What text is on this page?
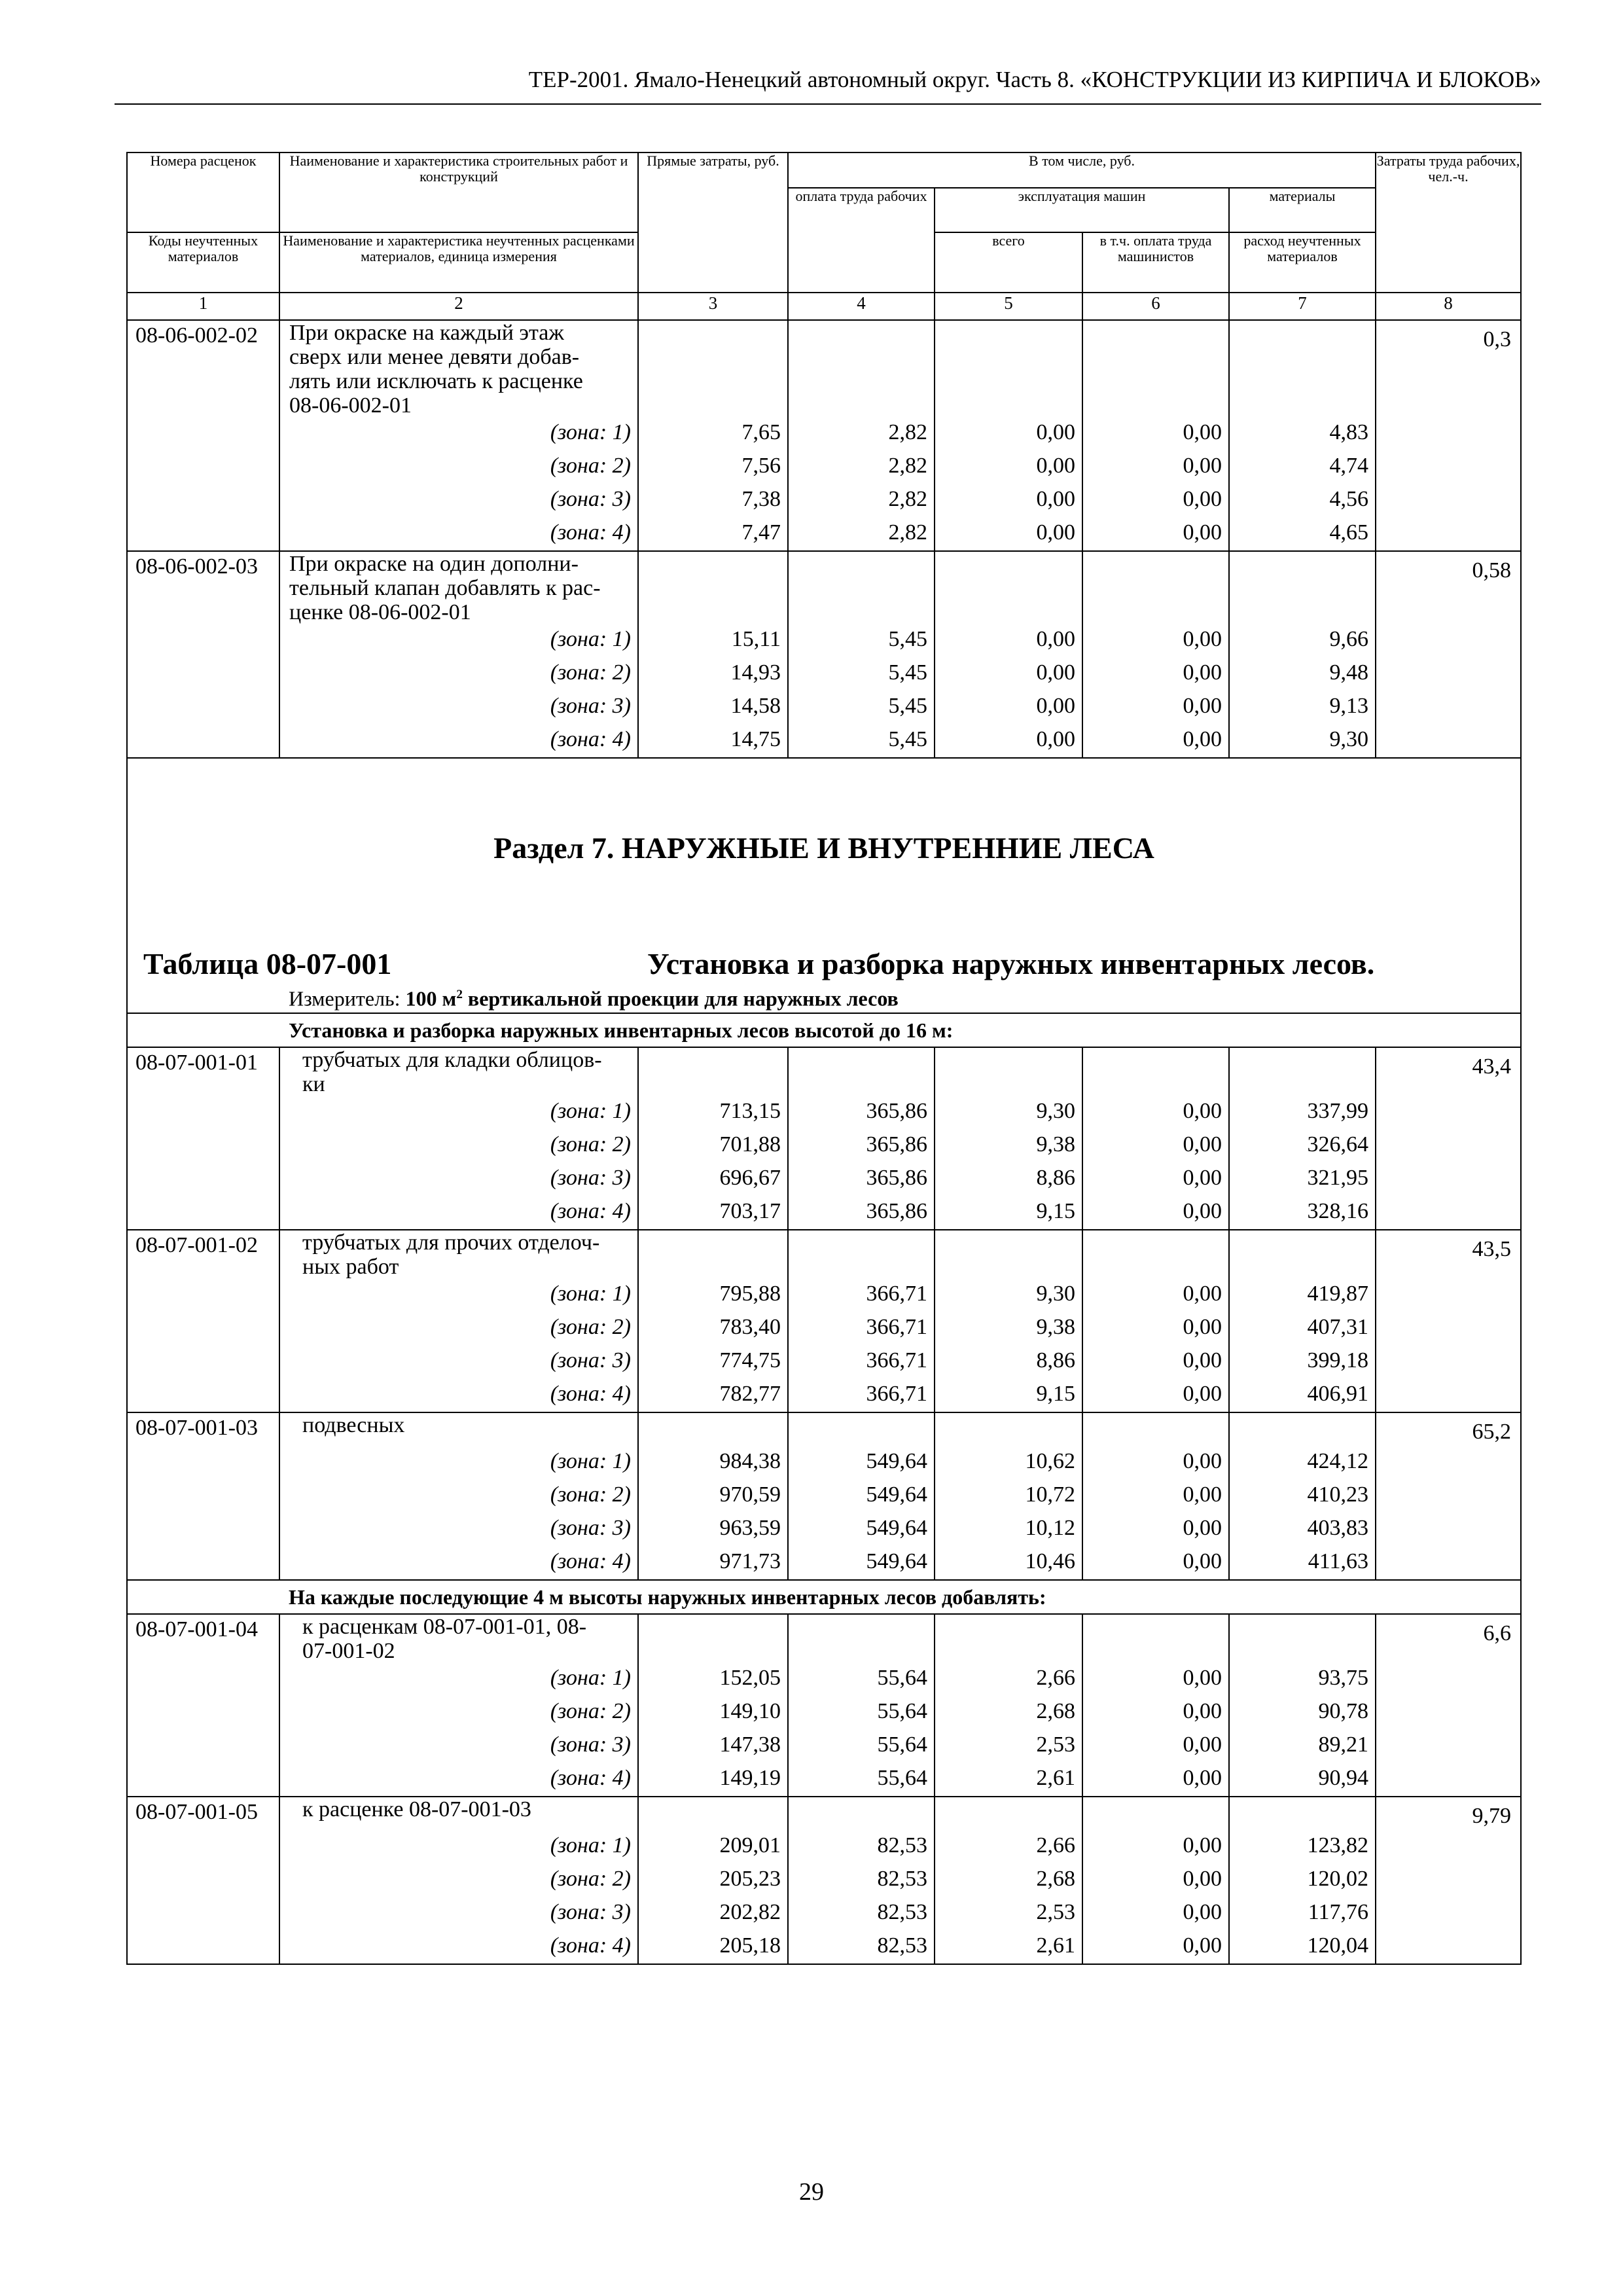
ТЕР-2001. Ямало-Ненецкий автономный округ. Часть 8. «КОНСТРУКЦИИ ИЗ КИРПИЧА И БЛОКОВ»
Номера расценок	Наименование и характеристика строительных работ и конструкций	Прямые затраты, руб.	В том числе, руб.				Затраты труда рабочих, чел.-ч.
			оплата труда рабочих	эксплуатация машин		материалы	
Коды неучтенных материалов	Наименование и характеристика неучтенных расценками материалов, единица измерения			всего	в т.ч. оплата труда машинистов	расход неучтенных материалов	
1	2	3	4	5	6	7	8
08-06-002-02	При окраске на каждый этаж
сверх или менее девяти добав-
лять или исключать к расценке
08-06-002-01						0,3
	(зона: 1)	7,65	2,82	0,00	0,00	4,83	
	(зона: 2)	7,56	2,82	0,00	0,00	4,74	
	(зона: 3)	7,38	2,82	0,00	0,00	4,56	
	(зона: 4)	7,47	2,82	0,00	0,00	4,65	
08-06-002-03	При окраске на один дополни-
тельный клапан добавлять к рас-
ценке 08-06-002-01						0,58
	(зона: 1)	15,11	5,45	0,00	0,00	9,66	
	(зона: 2)	14,93	5,45	0,00	0,00	9,48	
	(зона: 3)	14,58	5,45	0,00	0,00	9,13	
	(зона: 4)	14,75	5,45	0,00	0,00	9,30	

Раздел 7. НАРУЖНЫЕ И ВНУТРЕННИЕ ЛЕСА							

Таблица 08-07-001		Установка и разборка наружных инвентарных лесов.					
	Измеритель: 100 $м^2$ вертикальной проекции для наружных лесов						
	Установка и разборка наружных инвентарных лесов высотой до 16 м:						
08-07-001-01	трубчатых для кладки облицов-
ки						43,4
	(зона: 1)	713,15	365,86	9,30	0,00	337,99	
	(зона: 2)	701,88	365,86	9,38	0,00	326,64	
	(зона: 3)	696,67	365,86	8,86	0,00	321,95	
	(зона: 4)	703,17	365,86	9,15	0,00	328,16	
08-07-001-02	трубчатых для прочих отделоч-
ных работ						43,5
	(зона: 1)	795,88	366,71	9,30	0,00	419,87	
	(зона: 2)	783,40	366,71	9,38	0,00	407,31	
	(зона: 3)	774,75	366,71	8,86	0,00	399,18	
	(зона: 4)	782,77	366,71	9,15	0,00	406,91	
08-07-001-03	подвесных						65,2
	(зона: 1)	984,38	549,64	10,62	0,00	424,12	
	(зона: 2)	970,59	549,64	10,72	0,00	410,23	
	(зона: 3)	963,59	549,64	10,12	0,00	403,83	
	(зона: 4)	971,73	549,64	10,46	0,00	411,63	
	На каждые последующие 4 м высоты наружных инвентарных лесов добавлять:						
08-07-001-04	к расценкам 08-07-001-01, 08-
07-001-02						6,6
	(зона: 1)	152,05	55,64	2,66	0,00	93,75	
	(зона: 2)	149,10	55,64	2,68	0,00	90,78	
	(зона: 3)	147,38	55,64	2,53	0,00	89,21	
	(зона: 4)	149,19	55,64	2,61	0,00	90,94	
08-07-001-05	к расценке 08-07-001-03						9,79
	(зона: 1)	209,01	82,53	2,66	0,00	123,82	
	(зона: 2)	205,23	82,53	2,68	0,00	120,02	
	(зона: 3)	202,82	82,53	2,53	0,00	117,76	
	(зона: 4)	205,18	82,53	2,61	0,00	120,04	
29
